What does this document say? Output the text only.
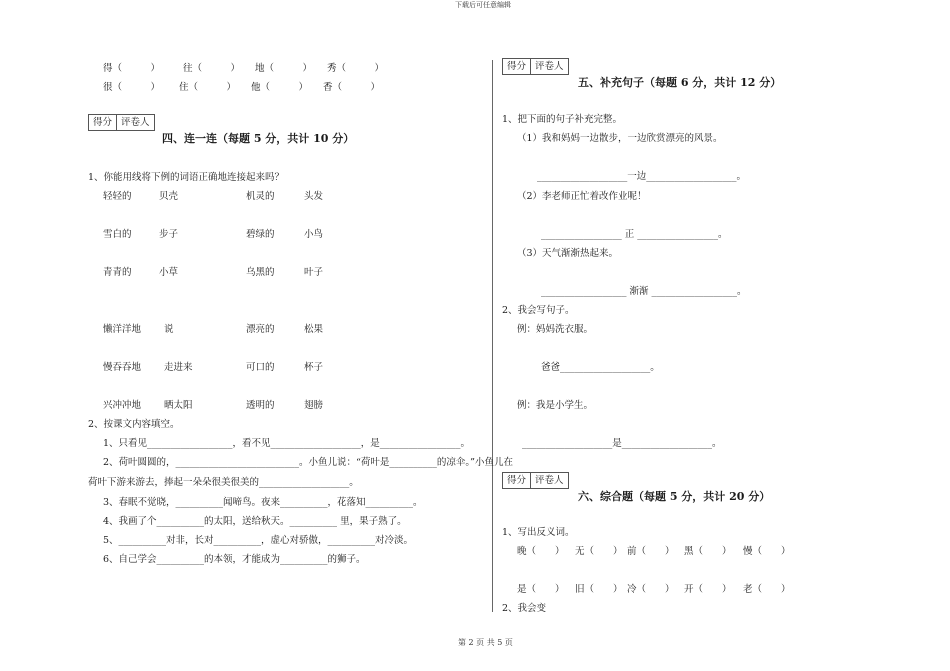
下载后可任意编辑
第 2 页 共 5 页
得（　　　） 往（　　　） 地（　　　） 秀（　　　）
很（　　　） 住（　　　） 他（　　　） 香（　　　）
得分 评卷人
四、连一连（每题 5 分，共计 10 分）
1、你能用线将下例的词语正确地连接起来吗？
轻轻的	贝壳	机灵的	头发
雪白的	步子	碧绿的	小鸟
青青的	小草	乌黑的	叶子
懒洋洋地 说	漂亮的	松果
慢吞吞地 走进来	可口的	杯子
兴冲冲地 晒太阳	透明的	翅膀
2、按课文内容填空。
1、只看见__________________，看不见___________________，是_________________。
2、荷叶圆圆的，__________________________。小鱼儿说：“荷叶是__________的凉伞。”小鱼儿在
荷叶下游来游去，捧起一朵朵很美很美的___________________。
3、春眠不觉晓，__________闻啼鸟。夜来__________，花落知__________。
4、我画了个__________的太阳，送给秋天。__________ 里，果子熟了。
5、__________对非，长对__________，虚心对骄傲，__________对冷淡。
6、自己学会__________的本领，才能成为__________的狮子。
得分 评卷人
五、补充句子（每题 6 分，共计 12 分）
1、把下面的句子补充完整。
（1）我和妈妈一边散步，一边欣赏漂亮的风景。
___________________一边___________________。
（2）李老师正忙着改作业呢！
_________________ 正 _________________。
（3）天气渐渐热起来。
__________________ 渐渐 __________________。
2、我会写句子。
例：妈妈洗衣服。
爸爸___________________。
例：我是小学生。
___________________是___________________。
得分 评卷人
六、综合题（每题 5 分，共计 20 分）
1、写出反义词。
晚（　　） 无（　　） 前（　　） 黑（　　） 慢（　　）
是（　　） 旧（　　） 冷（　　） 开（　　） 老（　　）
2、我会变
